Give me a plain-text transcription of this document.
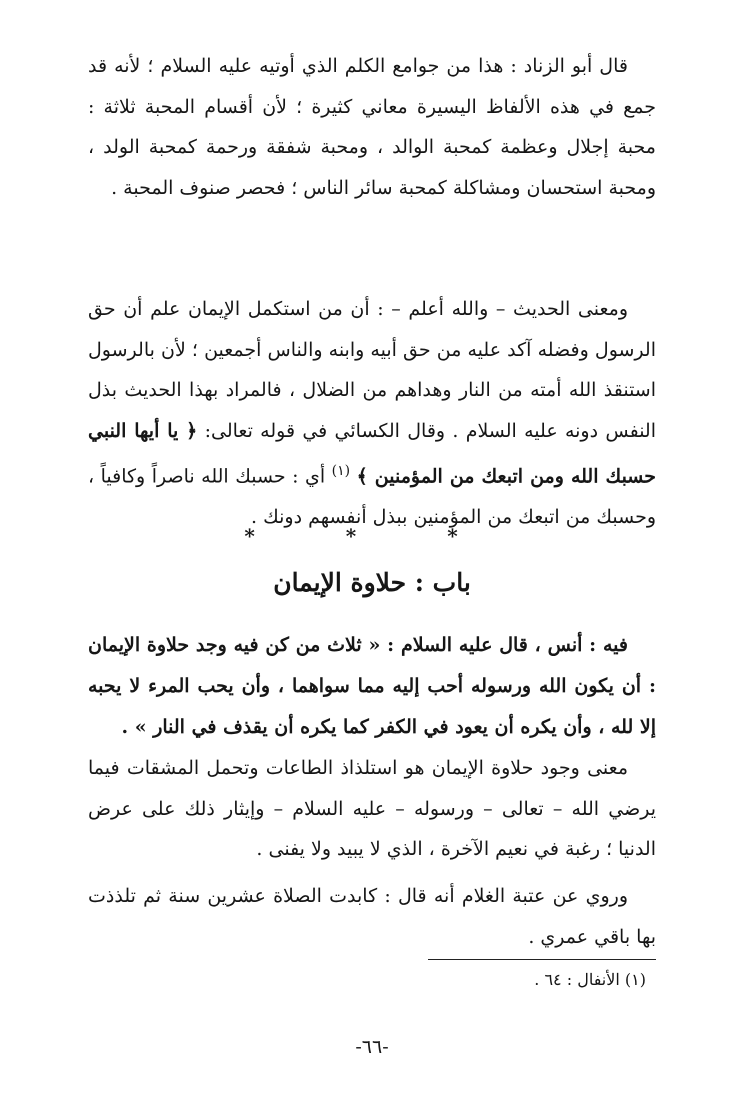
قال أبو الزناد : هذا من جوامع الكلم الذي أوتيه عليه السلام ؛ لأنه قد جمع في هذه الألفاظ اليسيرة معاني كثيرة ؛ لأن أقسام المحبة ثلاثة : محبة إجلال وعظمة كمحبة الوالد ، ومحبة شفقة ورحمة كمحبة الولد ، ومحبة استحسان ومشاكلة كمحبة سائر الناس ؛ فحصر صنوف المحبة .

ومعنى الحديث – والله أعلم – : أن من استكمل الإيمان علم أن حق الرسول وفضله آكد عليه من حق أبيه وابنه والناس أجمعين ؛ لأن بالرسول استنقذ الله أمته من النار وهداهم من الضلال ، فالمراد بهذا الحديث بذل النفس دونه عليه السلام . وقال الكسائي في قوله تعالى: ﴿ يا أيها النبي حسبك الله ومن اتبعك من المؤمنين ﴾ $^{(١)}$ أي : حسبك الله ناصراً وكافياً ، وحسبك من اتبعك من المؤمنين ببذل أنفسهم دونك .

* * *
باب : حلاوة الإيمان

فيه : أنس ، قال عليه السلام : « ثلاث من كن فيه وجد حلاوة الإيمان : أن يكون الله ورسوله أحب إليه مما سواهما ، وأن يحب المرء لا يحبه إلا لله ، وأن يكره أن يعود في الكفر كما يكره أن يقذف في النار » .

معنى وجود حلاوة الإيمان هو استلذاذ الطاعات وتحمل المشقات فيما يرضي الله – تعالى – ورسوله – عليه السلام – وإيثار ذلك على عرض الدنيا ؛ رغبة في نعيم الآخرة ، الذي لا يبيد ولا يفنى .

وروي عن عتبة الغلام أنه قال : كابدت الصلاة عشرين سنة ثم تلذذت بها باقي عمري .

(١) الأنفال : ٦٤ .

-٦٦-
